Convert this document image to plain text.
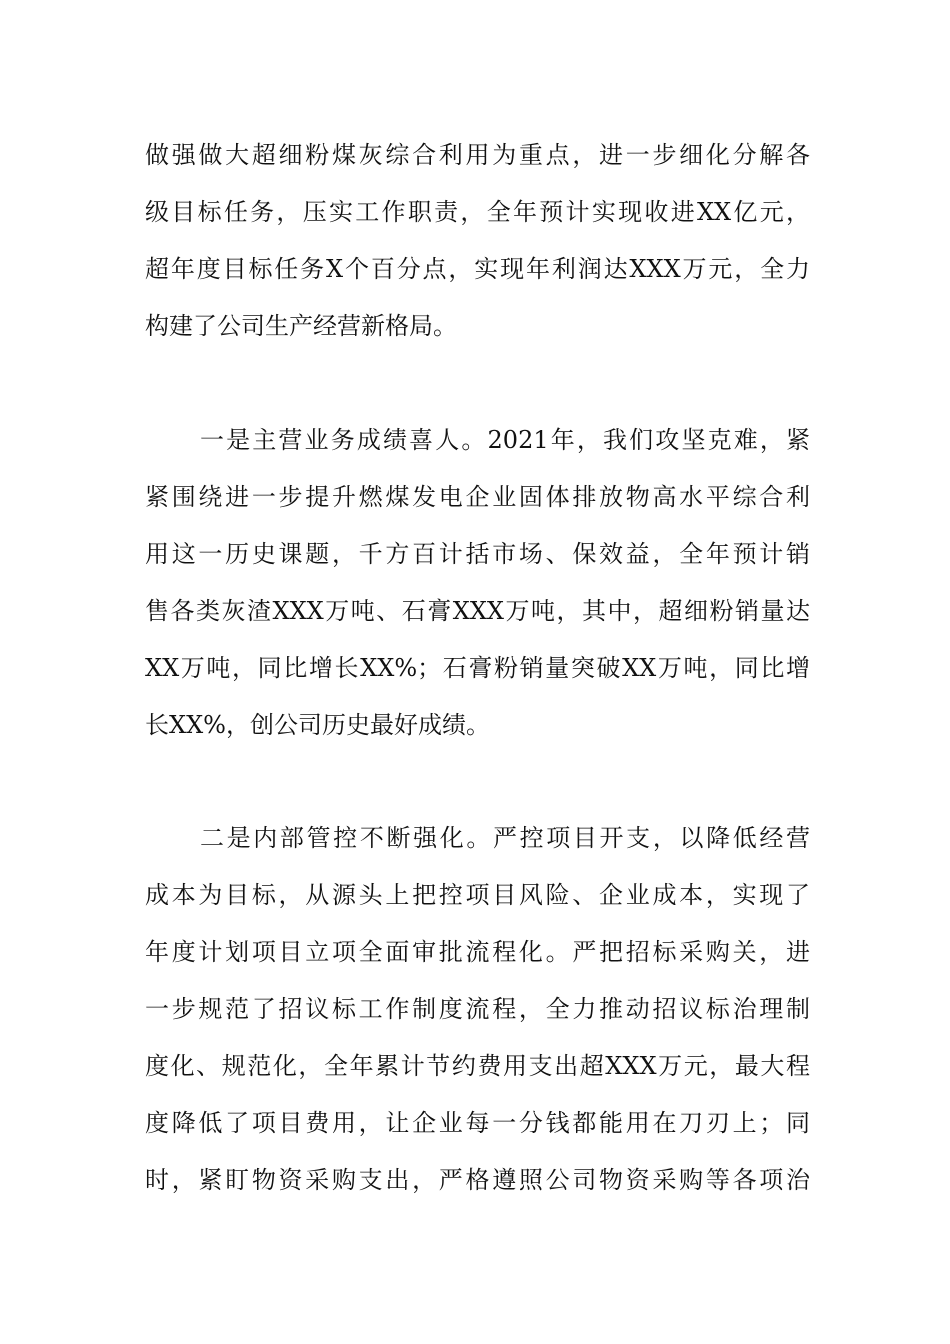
做强做大超细粉煤灰综合利用为重点，进一步细化分解各
级目标任务，压实工作职责，全年预计实现收进XX亿元，
超年度目标任务X个百分点，实现年利润达XXX万元，全力
构建了公司生产经营新格局。
一是主营业务成绩喜人。2021年，我们攻坚克难，紧
紧围绕进一步提升燃煤发电企业固体排放物高水平综合利
用这一历史课题，千方百计括市场、保效益，全年预计销
售各类灰渣XXX万吨、石膏XXX万吨，其中，超细粉销量达
XX万吨，同比增长XX%；石膏粉销量突破XX万吨，同比增
长XX%，创公司历史最好成绩。
二是内部管控不断强化。严控项目开支，以降低经营
成本为目标，从源头上把控项目风险、企业成本，实现了
年度计划项目立项全面审批流程化。严把招标采购关，进
一步规范了招议标工作制度流程，全力推动招议标治理制
度化、规范化，全年累计节约费用支出超XXX万元，最大程
度降低了项目费用，让企业每一分钱都能用在刀刃上；同
时，紧盯物资采购支出，严格遵照公司物资采购等各项治
